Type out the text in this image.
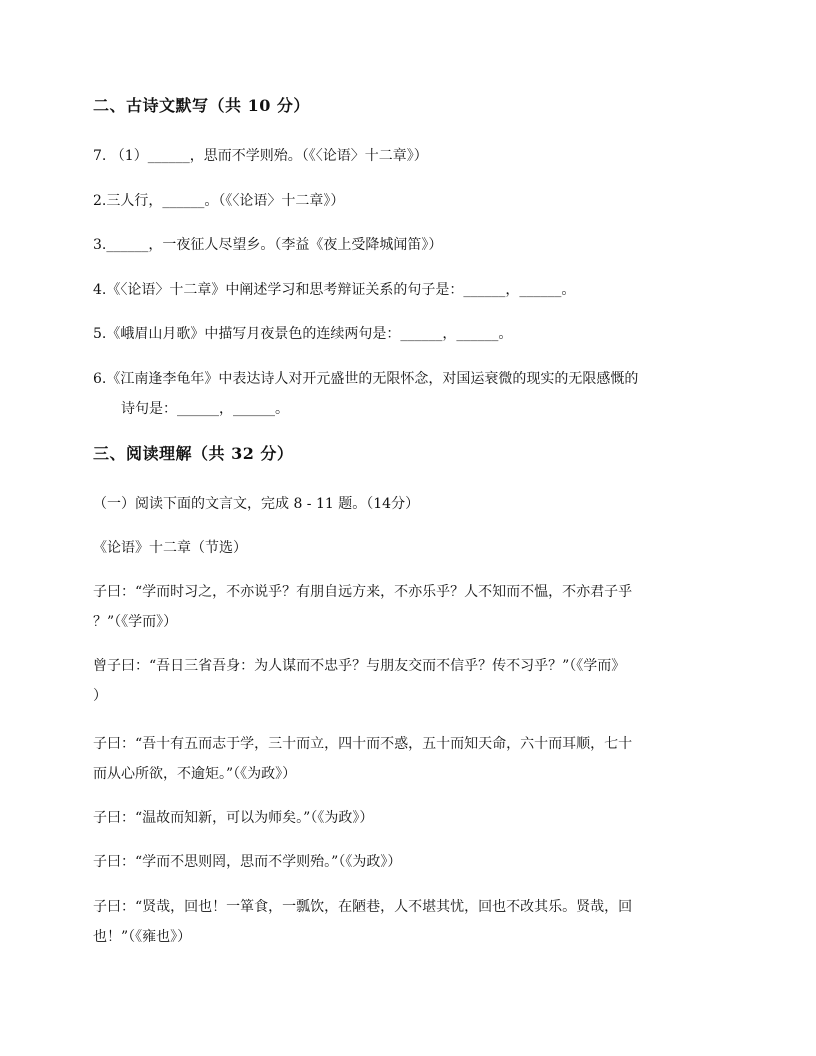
二、古诗文默写（共 10 分）
7. （1）______，思而不学则殆。（《〈论语〉十二章》）
2.三人行，______。（《〈论语〉十二章》）
3.______，一夜征人尽望乡。（李益《夜上受降城闻笛》）
4.《〈论语〉十二章》中阐述学习和思考辩证关系的句子是：______，______。
5.《峨眉山月歌》中描写月夜景色的连续两句是：______，______。
6.《江南逢李龟年》中表达诗人对开元盛世的无限怀念，对国运衰微的现实的无限感慨的
诗句是：______，______。
三、阅读理解（共 32 分）
（一）阅读下面的文言文，完成 8 - 11 题。（14分）
《论语》十二章（节选）
子曰：“学而时习之，不亦说乎？有朋自远方来，不亦乐乎？人不知而不愠，不亦君子乎
？”（《学而》）
曾子曰：“吾日三省吾身：为人谋而不忠乎？与朋友交而不信乎？传不习乎？”（《学而》
）
子曰：“吾十有五而志于学，三十而立，四十而不惑，五十而知天命，六十而耳顺，七十
而从心所欲，不逾矩。”（《为政》）
子曰：“温故而知新，可以为师矣。”（《为政》）
子曰：“学而不思则罔，思而不学则殆。”（《为政》）
子曰：“贤哉，回也！一箪食，一瓢饮，在陋巷，人不堪其忧，回也不改其乐。贤哉，回
也！”（《雍也》）
